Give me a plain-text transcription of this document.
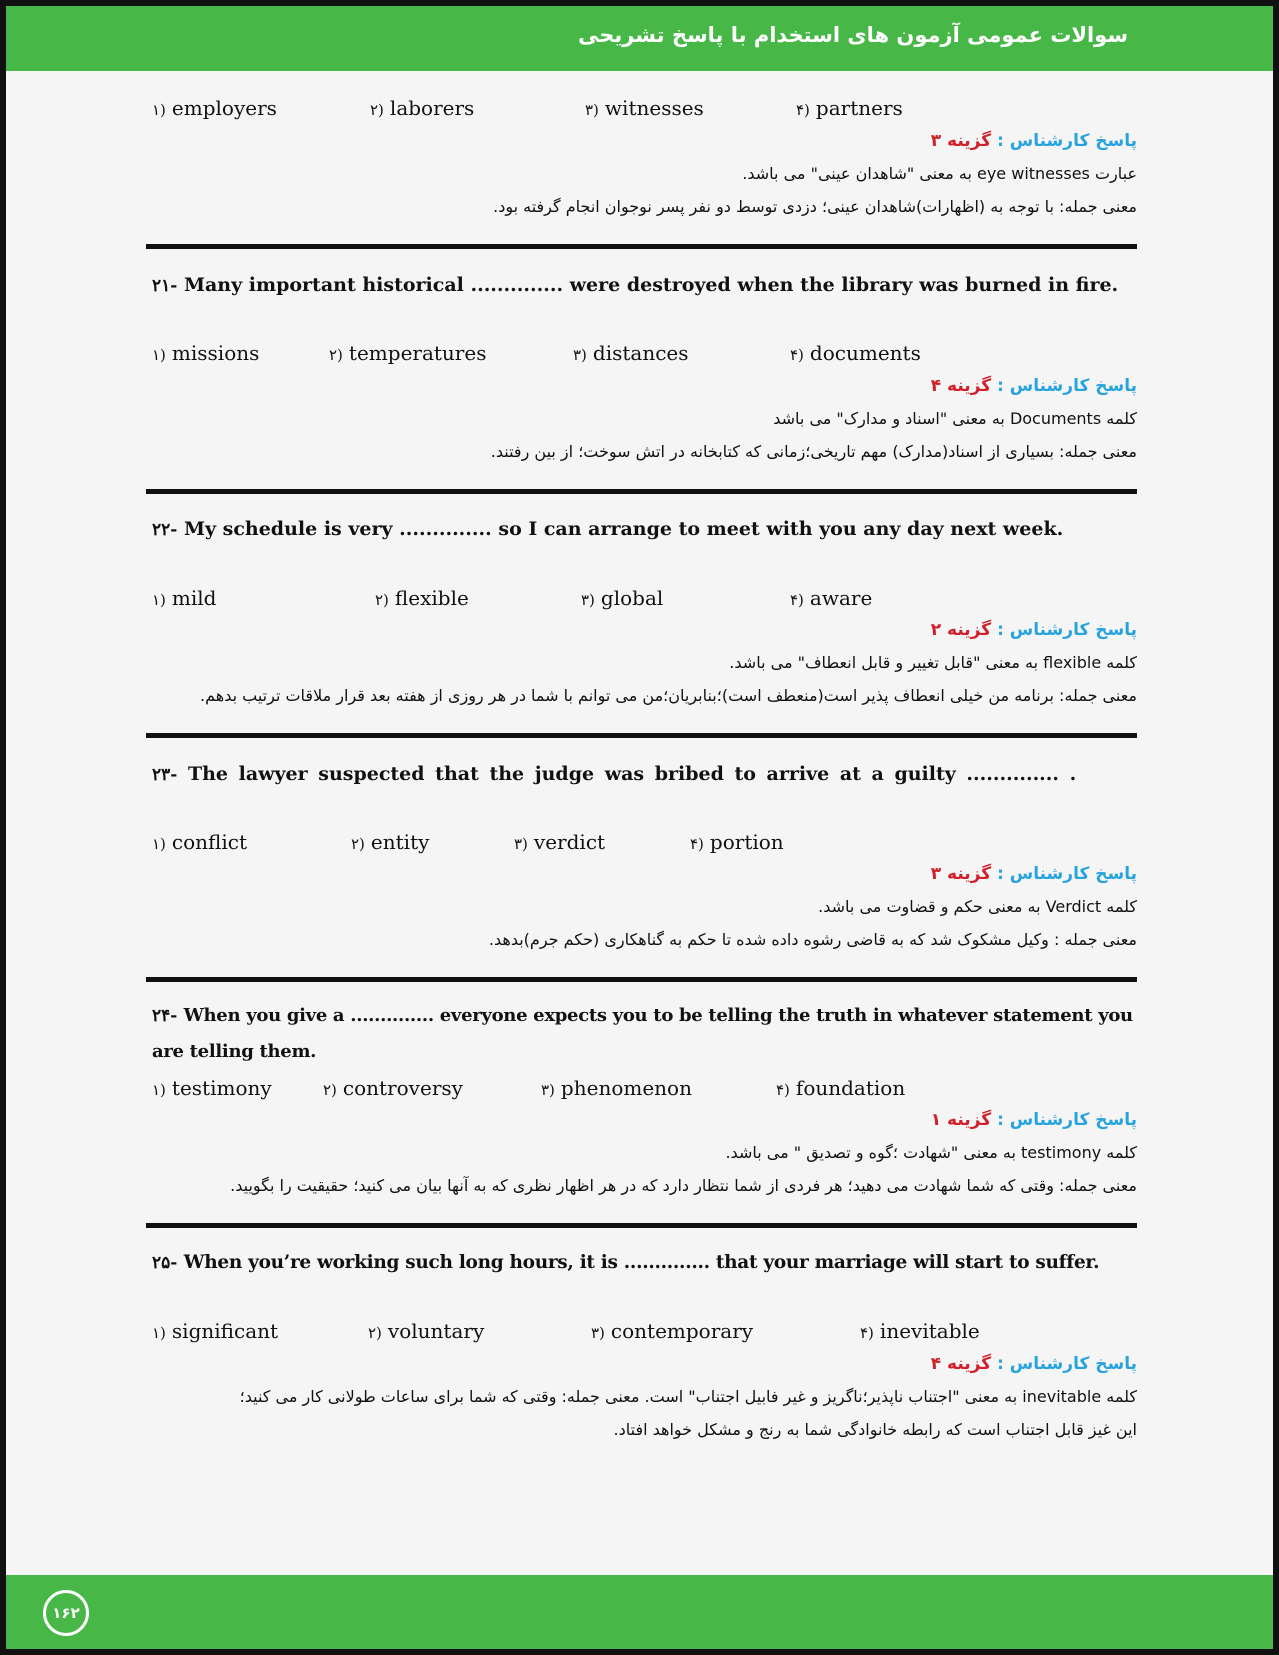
سوالات عمومی آزمون های استخدام با پاسخ تشریحی
۱) employers	۲) laborers	۳) witnesses	۴) partners
پاسخ کارشناس : گزینه ۳
عبارت eye witnesses به معنی "شاهدان عینی" می باشد.
معنی جمله: با توجه به (اظهارات)شاهدان عینی؛ دزدی توسط دو نفر پسر نوجوان انجام گرفته بود.
۲۱- Many important historical .............. were destroyed when the library was burned in fire.
۱) missions	۲) temperatures	۳) distances	۴) documents
پاسخ کارشناس : گزینه ۴
کلمه Documents به معنی "اسناد و مدارک" می باشد
معنی جمله: بسیاری از اسناد(مدارک) مهم تاریخی؛زمانی که کتابخانه در اتش سوخت؛ از بین رفتند.
۲۲- My schedule is very .............. so I can arrange to meet with you any day next week.
۱) mild	۲) flexible	۳) global	۴) aware
پاسخ کارشناس : گزینه ۲
کلمه flexible به معنی "قابل تغییر و قابل انعطاف" می باشد.
معنی جمله: برنامه من خیلی انعطاف پذیر است(منعطف است)؛بنابریان؛من می توانم با شما در هر روزی از هفته بعد قرار ملاقات ترتیب بدهم.
۲۳- The lawyer suspected that the judge was bribed to arrive at a guilty .............. .
۱) conflict	۲) entity	۳) verdict	۴) portion
پاسخ کارشناس : گزینه ۳
کلمه Verdict به معنی حکم و قضاوت می باشد.
معنی جمله : وکیل مشکوک شد که به قاضی رشوه داده شده تا حکم به گناهکاری (حکم جرم)بدهد.
۲۴- When you give a .............. everyone expects you to be telling the truth in whatever statement you are telling them.
۱) testimony	۲) controversy	۳) phenomenon	۴) foundation
پاسخ کارشناس : گزینه ۱
کلمه testimony به معنی "شهادت ؛گوه و تصدیق " می باشد.
معنی جمله: وقتی که شما شهادت می دهید؛ هر فردی از شما نتظار دارد که در هر اظهار نظری که به آنها بیان می کنید؛ حقیقیت را بگویید.
۲۵- When you’re working such long hours, it is .............. that your marriage will start to suffer.
۱) significant	۲) voluntary	۳) contemporary	۴) inevitable
پاسخ کارشناس : گزینه ۴
کلمه inevitable به معنی "اجتناب ناپذیر؛ناگریز و غیر فابیل اجتناب" است. معنی جمله: وقتی که شما برای ساعات طولانی کار می کنید؛
این غیز قابل اجتناب است که رابطه خانوادگی شما به رنج و مشکل خواهد افتاد.
۱۶۲
